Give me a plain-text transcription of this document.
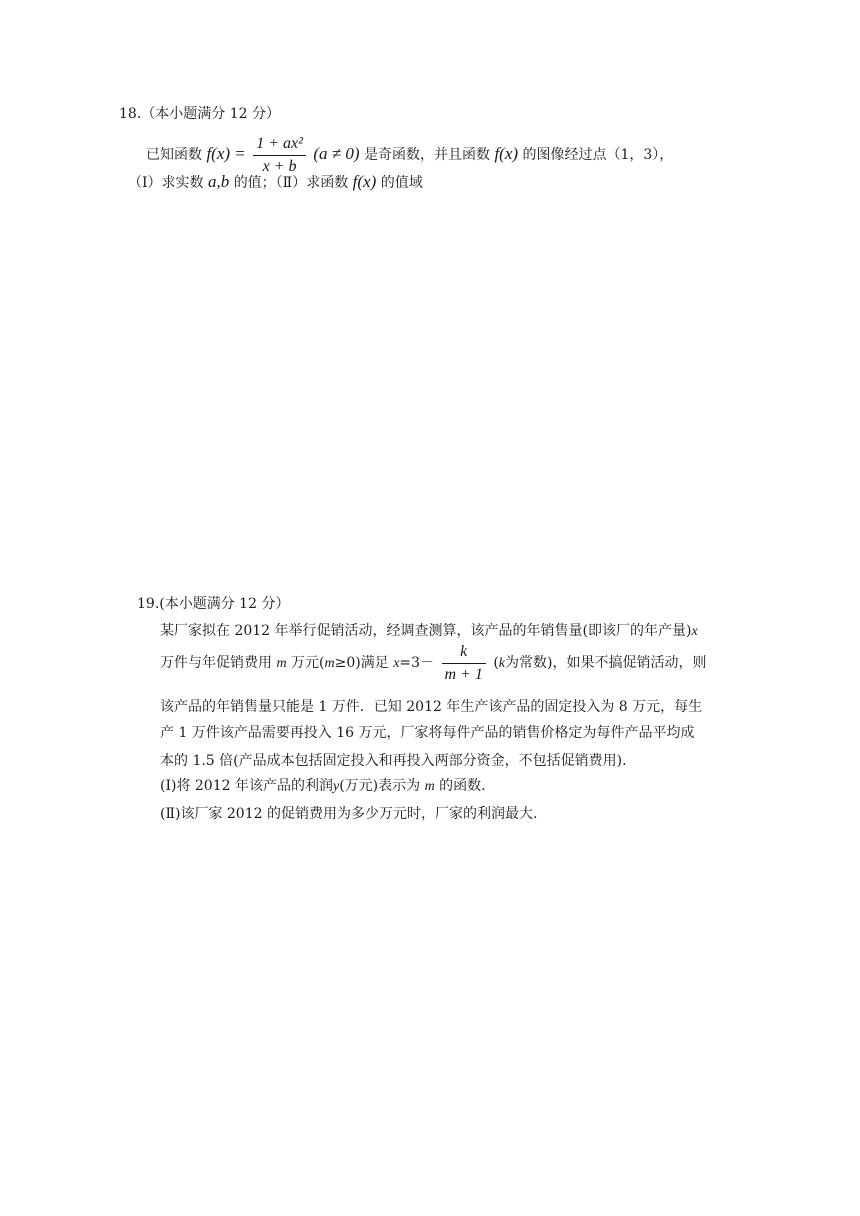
18.（本小题满分 12 分）
已知函数 $f(x) = \frac{\text{1 + ax²}}{x + b} (a \ne 0)$ 是奇函数，并且函数 f(x) 的图像经过点（1，3），
（Ⅰ）求实数 a,b 的值；（Ⅱ）求函数 f(x) 的值域
19.(本小题满分 12 分）
某厂家拟在 2012 年举行促销活动，经调查测算，该产品的年销售量(即该厂的年产量)x
万件与年促销费用 m 万元(m≥0)满足 $x=3- \frac{k}{m + 1} (k$为常数)，如果不搞促销活动，则
该产品的年销售量只能是 1 万件．已知 2012 年生产该产品的固定投入为 8 万元，每生
产 1 万件该产品需要再投入 16 万元，厂家将每件产品的销售价格定为每件产品平均成
本的 1.5 倍(产品成本包括固定投入和再投入两部分资金，不包括促销费用).
(Ⅰ)将 2012 年该产品的利润y(万元)表示为 m 的函数.
(Ⅱ)该厂家 2012 的促销费用为多少万元时，厂家的利润最大.
